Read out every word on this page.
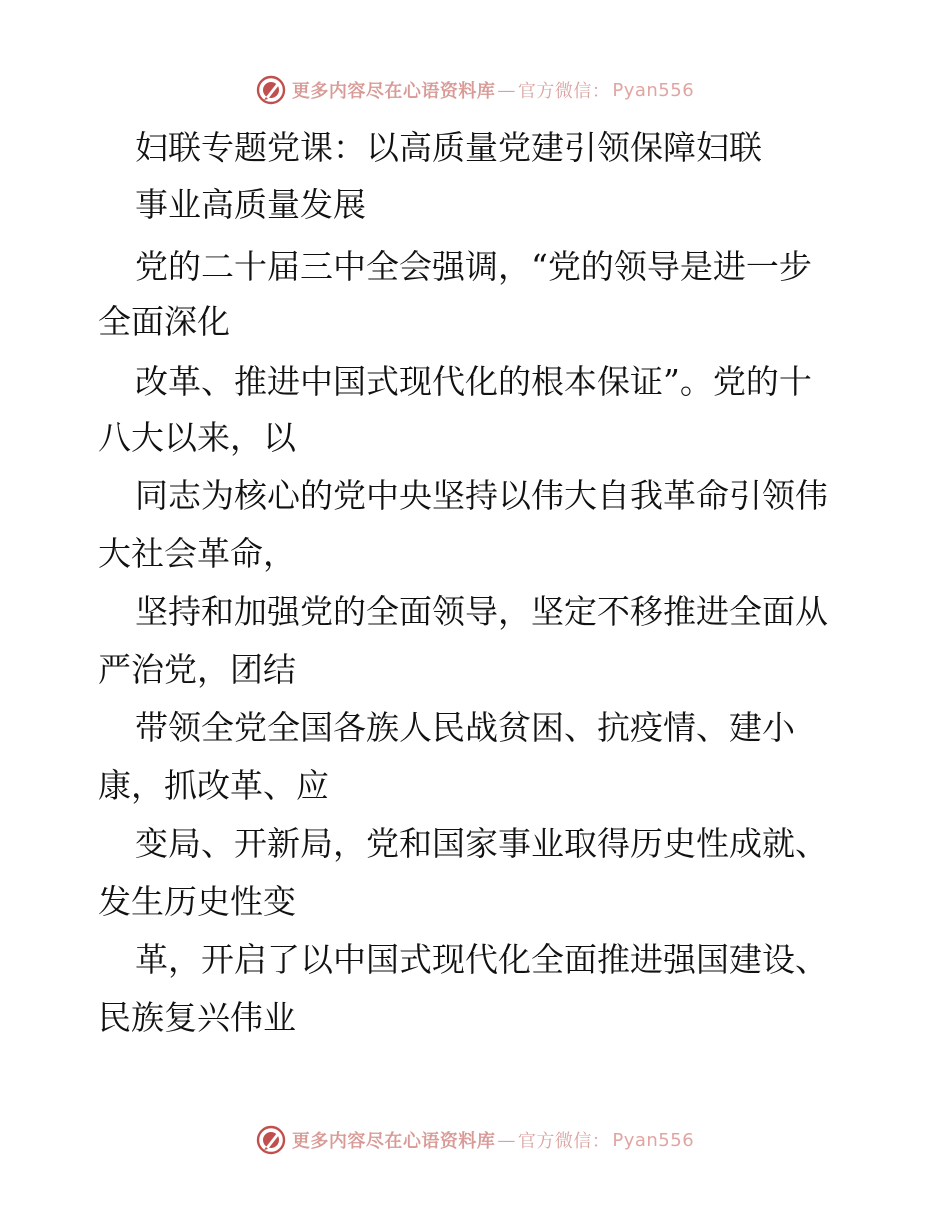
更多内容尽在心语资料库 — 官方微信： Pyan556
妇联专题党课：以高质量党建引领保障妇联
事业高质量发展
党的二十届三中全会强调，“党的领导是进一步
全面深化
改革、推进中国式现代化的根本保证”。党的十
八大以来，以
同志为核心的党中央坚持以伟大自我革命引领伟
大社会革命，
坚持和加强党的全面领导，坚定不移推进全面从
严治党，团结
带领全党全国各族人民战贫困、抗疫情、建小
康，抓改革、应
变局、开新局，党和国家事业取得历史性成就、
发生历史性变
革，开启了以中国式现代化全面推进强国建设、
民族复兴伟业
更多内容尽在心语资料库 — 官方微信： Pyan556
